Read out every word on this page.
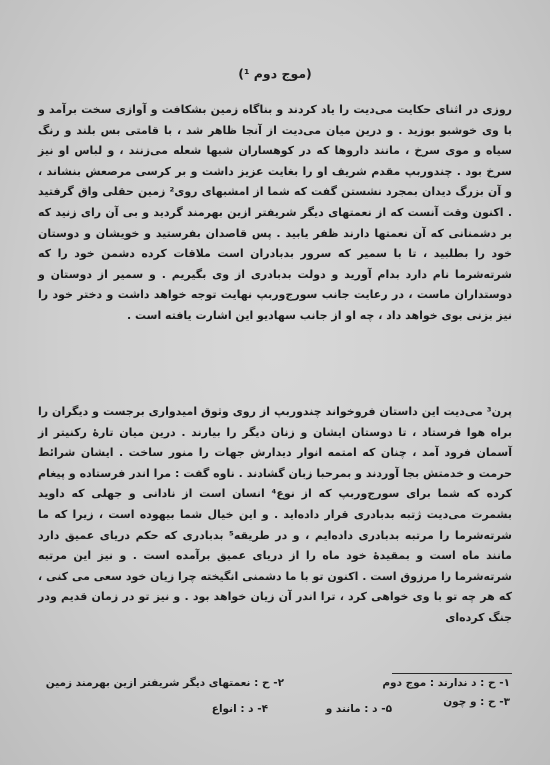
(موج دوم ¹)

روزی در اثنای حکایت می‌دیت را یاد کردند و بناگاه زمین بشکافت و آوازی سخت برآمد و با وی خوشبو بوزید . و درین میان می‌دیت از آنجا ظاهر شد ، با قامتی بس بلند و رنگ سیاه و موی سرخ ، مانند داروها که در کوهساران شبها شعله می‌زنند ، و لباس او نیز سرخ بود . چندوربپ مقدم شریف او را بغایت عزیز داشت و بر کرسی مرصعش بنشاند ، و آن بزرگ دیدان بمجرد نشستن گفت که شما از امشبهای روی² زمین حقلی واق گرفتید . اکنون وقت آنست که از نعمتهای دیگر شریفتر ازین بهرمند گردید و بی آن رای زنید که بر دشمنانی که آن نعمتها دارند ظفر یابید . پس قاصدان بفرستید و خویشان و دوستان خود را بطلبید ، تا با سمیر که سرور بدبادران است ملاقات کرده دشمن خود را که شرته‌شرما نام دارد بدام آورید و دولت بدبادری از وی بگیریم . و سمیر از دوستان و دوستداران ماست ، در رعایت جانب سورج‌وربپ نهایت توجه خواهد داشت و دختر خود را نیز بزنی بوی خواهد داد ، چه او از جانب سهادیو این اشارت یافته است .

پرن³ می‌دیت این داستان فروخواند چندوربپ از روی وثوق امیدواری برجست و دیگران را براه هوا فرستاد ، تا دوستان ایشان و زنان دیگر را بیارند . درین میان تارهٔ رکنیتر از آسمان فرود آمد ، چنان که امتمه انوار دیدارش جهات را منور ساخت . ایشان شرائط حرمت و خدمتش بجا آوردند و بمرحبا زبان گشادند . ناوه گفت : مرا اندر فرستاده و پیغام کرده که شما برای سورج‌وربپ که از نوع⁴ انسان است از نادانی و جهلی که داوید بشمرت می‌دیت ژتبه بدبادری قرار داده‌اید . و این خیال شما بیهوده است ، زیرا که ما شرته‌شرما را مرتبه بدبادری داده‌ایم ، و در طریقه⁵ بدبادری که حکم دریای عمیق دارد مانند ماه است و بمقیدهٔ خود ماه را از دریای عمیق برآمده است . و نیز این مرتبه شرته‌شرما را مرزوق است . اکنون تو با ما دشمنی انگیخته چرا زیان خود سعی می کنی ، که هر چه تو با وی خواهی کرد ، ترا اندر آن زیان خواهد بود . و نیز تو در زمان قدیم ودر جنگ کرده‌ای

۱- ح : د ندارند : موج دوم
۲- ح : نعمتهای دیگر شریفتر ازین بهرمند زمین
۳- ح : و چون
۴- د : انواع	۵- د : مانند و
